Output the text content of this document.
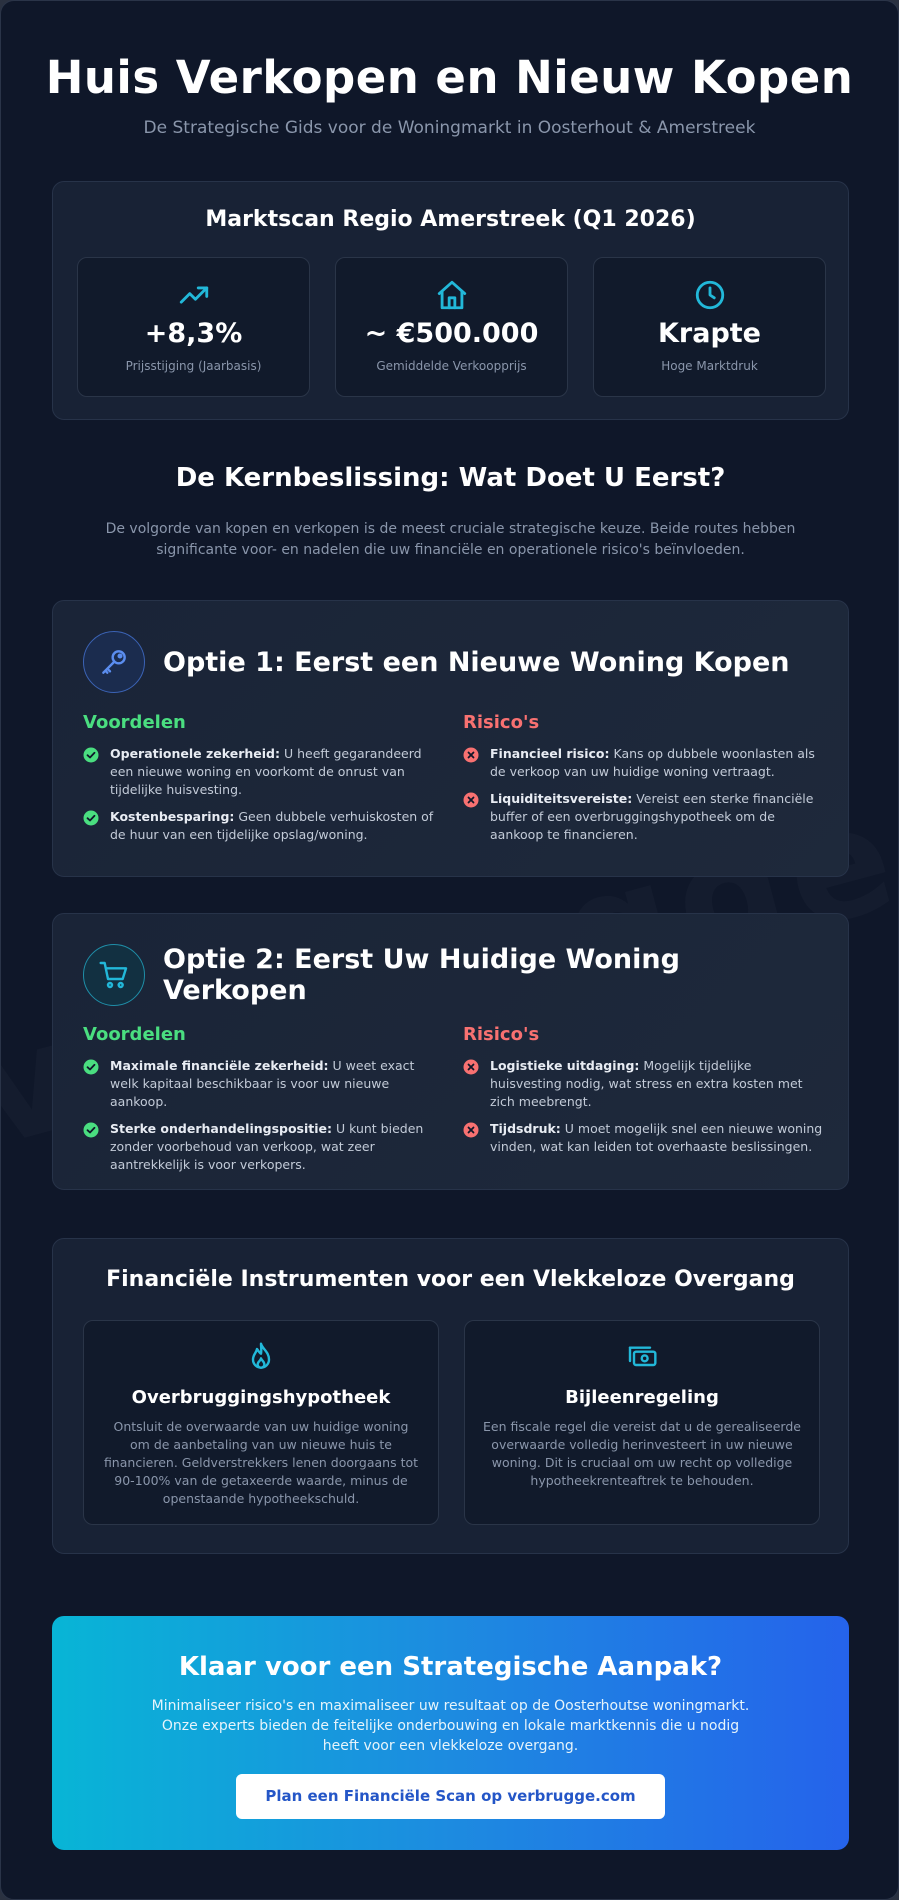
Huis Verkopen en Nieuw Kopen
De Strategische Gids voor de Woningmarkt in Oosterhout & Amerstreek
Marktscan Regio Amerstreek (Q1 2026)
+8,3%
Prijsstijging (Jaarbasis)
~ €500.000
Gemiddelde Verkoopprijs
Krapte
Hoge Marktdruk
De Kernbeslissing: Wat Doet U Eerst?

De volgorde van kopen en verkopen is de meest cruciale strategische keuze. Beide routes hebben significante voor- en nadelen die uw financiële en operationele risico's beïnvloeden.

Optie 1: Eerst een Nieuwe Woning Kopen
Voordelen
Operationele zekerheid: U heeft gegarandeerd een nieuwe woning en voorkomt de onrust van tijdelijke huisvesting.
Kostenbesparing: Geen dubbele verhuiskosten of de huur van een tijdelijke opslag/woning.
Risico's
Financieel risico: Kans op dubbele woonlasten als de verkoop van uw huidige woning vertraagt.
Liquiditeitsvereiste: Vereist een sterke financiële buffer of een overbruggingshypotheek om de aankoop te financieren.
Optie 2: Eerst Uw Huidige Woning Verkopen
Voordelen
Maximale financiële zekerheid: U weet exact welk kapitaal beschikbaar is voor uw nieuwe aankoop.
Sterke onderhandelingspositie: U kunt bieden zonder voorbehoud van verkoop, wat zeer aantrekkelijk is voor verkopers.
Risico's
Logistieke uitdaging: Mogelijk tijdelijke huisvesting nodig, wat stress en extra kosten met zich meebrengt.
Tijdsdruk: U moet mogelijk snel een nieuwe woning vinden, wat kan leiden tot overhaaste beslissingen.
Financiële Instrumenten voor een Vlekkeloze Overgang
Overbruggingshypotheek

Ontsluit de overwaarde van uw huidige woning om de aanbetaling van uw nieuwe huis te financieren. Geldverstrekkers lenen doorgaans tot 90-100% van de getaxeerde waarde, minus de openstaande hypotheekschuld.

Bijleenregeling

Een fiscale regel die vereist dat u de gerealiseerde overwaarde volledig herinvesteert in uw nieuwe woning. Dit is cruciaal om uw recht op volledige hypotheekrenteaftrek te behouden.

Klaar voor een Strategische Aanpak?

Minimaliseer risico's en maximaliseer uw resultaat op de Oosterhoutse woningmarkt. Onze experts bieden de feitelijke onderbouwing en lokale marktkennis die u nodig heeft voor een vlekkeloze overgang.

Plan een Financiële Scan op verbrugge.com
